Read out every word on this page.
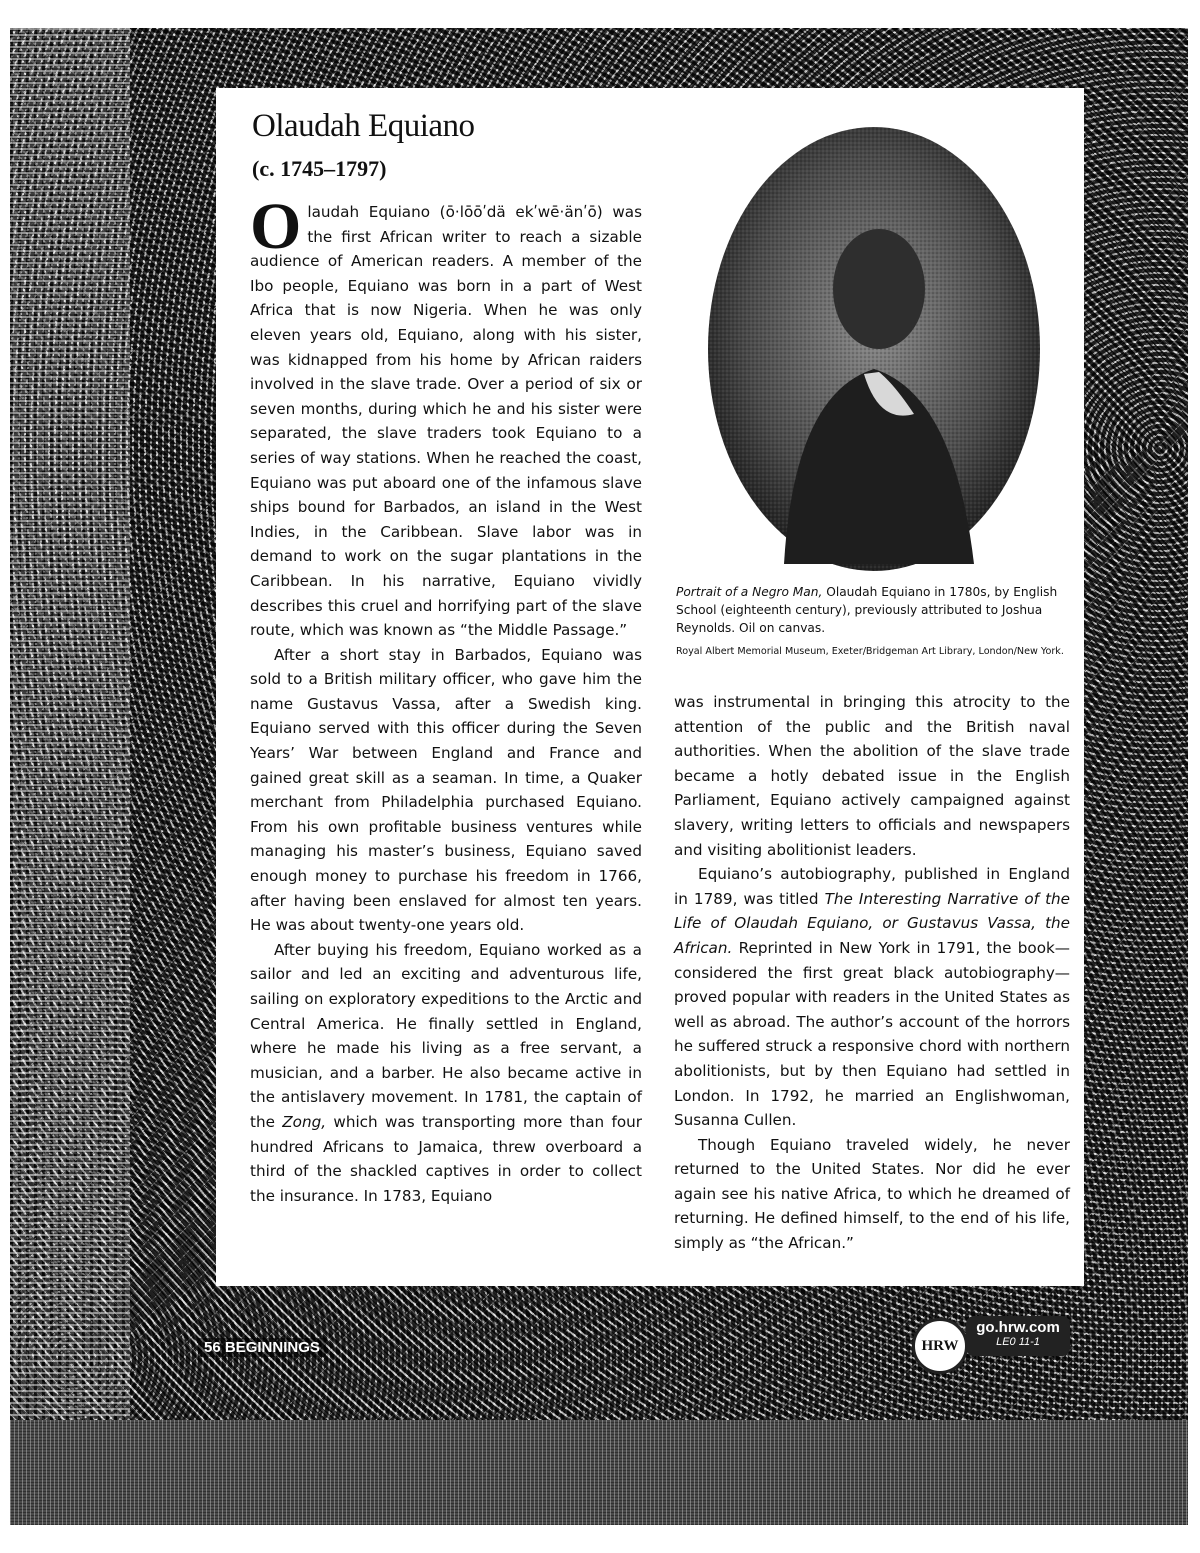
Olaudah Equiano
(c. 1745–1797)

Olaudah Equiano (ō·lōōʹdä ekʹwē·änʹō) was the first African writer to reach a sizable audience of American readers. A member of the Ibo people, Equiano was born in a part of West Africa that is now Nigeria. When he was only eleven years old, Equiano, along with his sister, was kidnapped from his home by African raiders involved in the slave trade. Over a period of six or seven months, during which he and his sister were separated, the slave traders took Equiano to a series of way stations. When he reached the coast, Equiano was put aboard one of the infamous slave ships bound for Barbados, an island in the West Indies, in the Caribbean. Slave labor was in demand to work on the sugar plantations in the Caribbean. In his narrative, Equiano vividly describes this cruel and horrifying part of the slave route, which was known as “the Middle Passage.”

After a short stay in Barbados, Equiano was sold to a British military officer, who gave him the name Gustavus Vassa, after a Swedish king. Equiano served with this officer during the Seven Years’ War between England and France and gained great skill as a seaman. In time, a Quaker merchant from Philadelphia purchased Equiano. From his own profitable business ventures while managing his master’s business, Equiano saved enough money to purchase his freedom in 1766, after having been enslaved for almost ten years. He was about twenty-one years old.

After buying his freedom, Equiano worked as a sailor and led an exciting and adventurous life, sailing on exploratory expeditions to the Arctic and Central America. He finally settled in England, where he made his living as a free servant, a musician, and a barber. He also became active in the antislavery movement. In 1781, the captain of the Zong, which was transporting more than four hundred Africans to Jamaica, threw overboard a third of the shackled captives in order to collect the insurance. In 1783, Equiano

Portrait of a Negro Man, Olaudah Equiano in 1780s, by English School (eighteenth century), previously attributed to Joshua Reynolds. Oil on canvas.
Royal Albert Memorial Museum, Exeter/Bridgeman Art Library, London/New York.

was instrumental in bringing this atrocity to the attention of the public and the British naval authorities. When the abolition of the slave trade became a hotly debated issue in the English Parliament, Equiano actively campaigned against slavery, writing letters to officials and newspapers and visiting abolitionist leaders.

Equiano’s autobiography, published in England in 1789, was titled The Interesting Narrative of the Life of Olaudah Equiano, or Gustavus Vassa, the African. Reprinted in New York in 1791, the book—considered the first great black autobiography—proved popular with readers in the United States as well as abroad. The author’s account of the horrors he suffered struck a responsive chord with northern abolitionists, but by then Equiano had settled in London. In 1792, he married an Englishwoman, Susanna Cullen.

Though Equiano traveled widely, he never returned to the United States. Nor did he ever again see his native Africa, to which he dreamed of returning. He defined himself, to the end of his life, simply as “the African.”

56 BEGINNINGS	HRW
go.hrw.com
LE0 11-1
